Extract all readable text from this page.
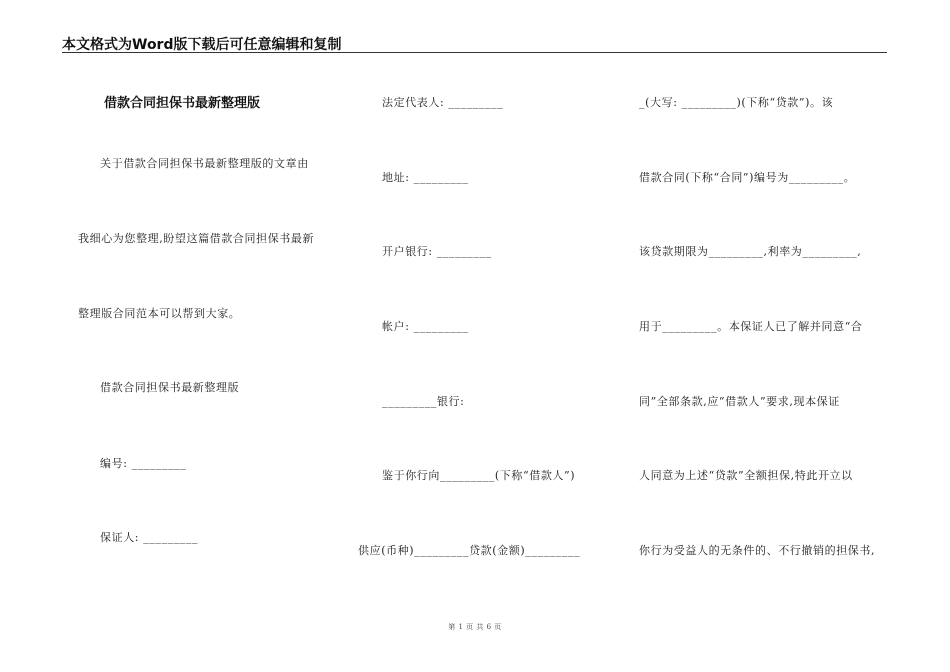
本文格式为Word版下载后可任意编辑和复制
借款合同担保书最新整理版
关于借款合同担保书最新整理版的文章由
我细心为您整理,盼望这篇借款合同担保书最新
整理版合同范本可以帮到大家。
借款合同担保书最新整理版
编号: _________
保证人: _________
法定代表人: _________
地址: _________
开户银行: _________
帐户: _________
_________银行:
鉴于你行向_________(下称“借款人”)
供应(币种)_________贷款(金额)_________
_(大写: _________)(下称“贷款”)。该
借款合同(下称“合同”)编号为_________。
该贷款期限为_________,利率为_________,
用于_________。本保证人已了解并同意“合
同”全部条款,应“借款人”要求,现本保证
人同意为上述“贷款”全额担保,特此开立以
你行为受益人的无条件的、不行撤销的担保书,
第 1 页 共 6 页
